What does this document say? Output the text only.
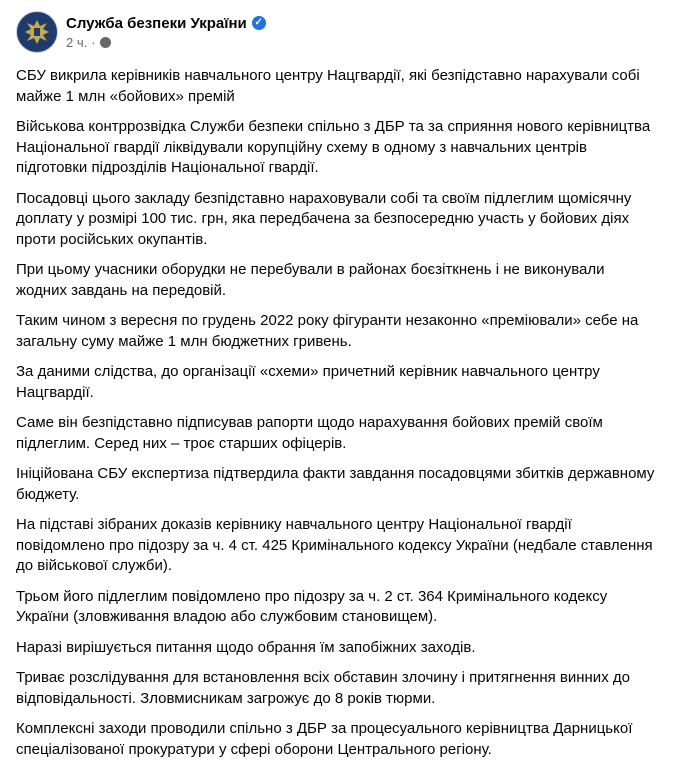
Служба безпеки України ✓
2 ч. ·

СБУ викрила керівників навчального центру Нацгвардії, які безпідставно нарахували собі майже 1 млн «бойових» премій

Військова контррозвідка Служби безпеки спільно з ДБР та за сприяння нового керівництва Національної гвардії ліквідували корупційну схему в одному з навчальних центрів підготовки підрозділів Національної гвардії.

Посадовці цього закладу безпідставно нараховували собі та своїм підлеглим щомісячну доплату у розмірі 100 тис. грн, яка передбачена за безпосередню участь у бойових діях проти російських окупантів.

При цьому учасники оборудки не перебували в районах боєзіткнень і не виконували жодних завдань на передовій.

Таким чином з вересня по грудень 2022 року фігуранти незаконно «преміювали» себе на загальну суму майже 1 млн бюджетних гривень.

За даними слідства, до організації «схеми» причетний керівник навчального центру Нацгвардії.

Саме він безпідставно підписував рапорти щодо нарахування бойових премій своїм підлеглим. Серед них – троє старших офіцерів.

Ініційована СБУ експертиза підтвердила факти завдання посадовцями збитків державному бюджету.

На підставі зібраних доказів керівнику навчального центру Національної гвардії повідомлено про підозру за ч. 4 ст. 425 Кримінального кодексу України (недбале ставлення до військової служби).

Трьом його підлеглим повідомлено про підозру за ч. 2 ст. 364 Кримінального кодексу України (зловживання владою або службовим становищем).

Наразі вирішується питання щодо обрання їм запобіжних заходів.

Триває розслідування для встановлення всіх обставин злочину і притягнення винних до відповідальності. Зловмисникам загрожує до 8 років тюрми.

Комплексні заходи проводили спільно з ДБР за процесуального керівництва Дарницької спеціалізованої прокуратури у сфері оборони Центрального регіону.
